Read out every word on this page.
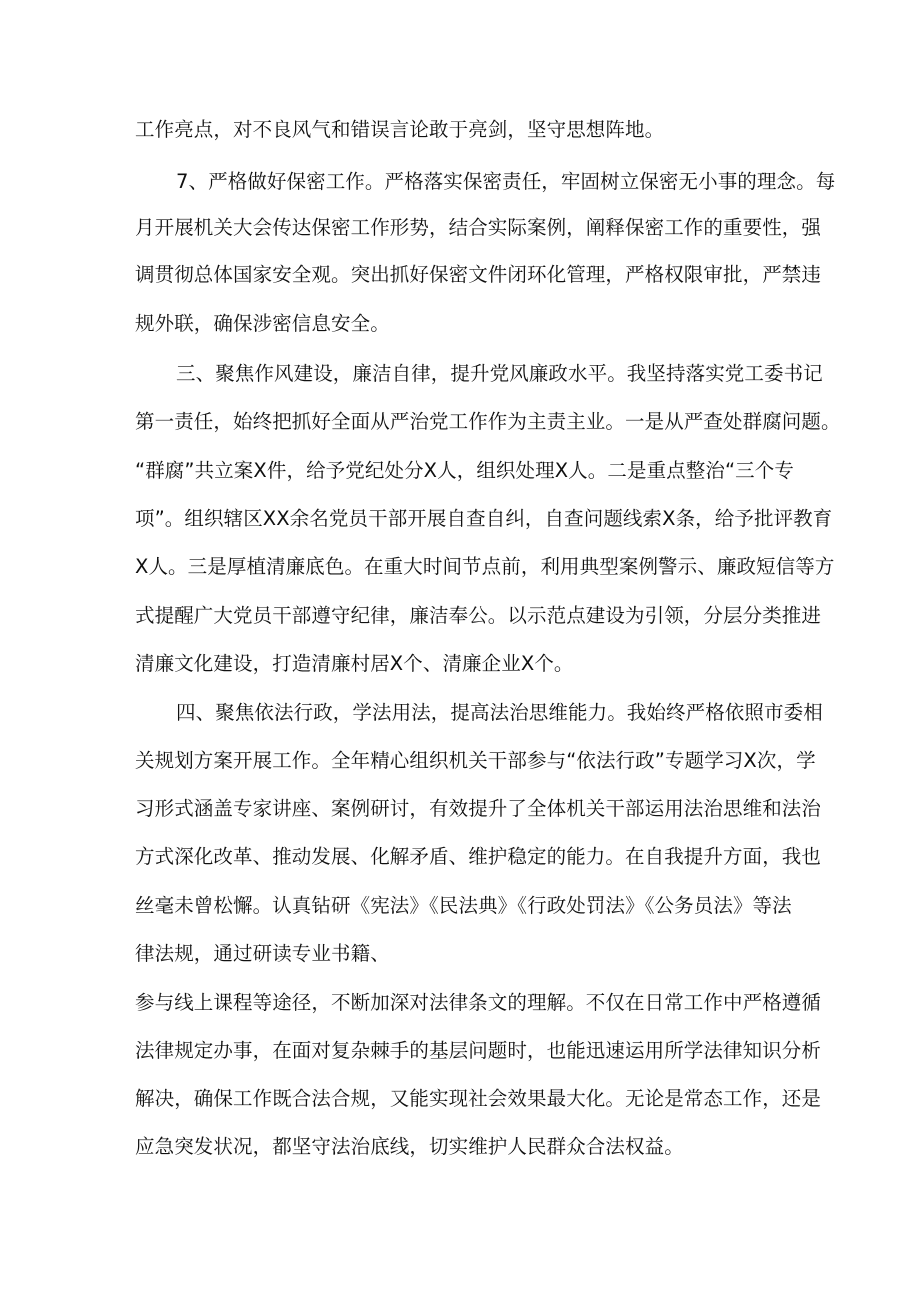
工作亮点，对不良风气和错误言论敢于亮剑，坚守思想阵地。
7、严格做好保密工作。严格落实保密责任，牢固树立保密无小事的理念。每
月开展机关大会传达保密工作形势，结合实际案例，阐释保密工作的重要性，强
调贯彻总体国家安全观。突出抓好保密文件闭环化管理，严格权限审批，严禁违
规外联，确保涉密信息安全。
三、聚焦作风建设，廉洁自律，提升党风廉政水平。我坚持落实党工委书记
第一责任，始终把抓好全面从严治党工作作为主责主业。一是从严查处群腐问题。
“群腐”共立案X件，给予党纪处分X人，组织处理X人。二是重点整治“三个专
项”。组织辖区XX余名党员干部开展自查自纠，自查问题线索X条，给予批评教育
X人。三是厚植清廉底色。在重大时间节点前，利用典型案例警示、廉政短信等方
式提醒广大党员干部遵守纪律，廉洁奉公。以示范点建设为引领，分层分类推进
清廉文化建设，打造清廉村居X个、清廉企业X个。
四、聚焦依法行政，学法用法，提高法治思维能力。我始终严格依照市委相
关规划方案开展工作。全年精心组织机关干部参与“依法行政”专题学习X次，学
习形式涵盖专家讲座、案例研讨，有效提升了全体机关干部运用法治思维和法治
方式深化改革、推动发展、化解矛盾、维护稳定的能力。在自我提升方面，我也
丝毫未曾松懈。认真钻研《宪法》《民法典》《行政处罚法》《公务员法》等法
律法规，通过研读专业书籍、
参与线上课程等途径，不断加深对法律条文的理解。不仅在日常工作中严格遵循
法律规定办事，在面对复杂棘手的基层问题时，也能迅速运用所学法律知识分析
解决，确保工作既合法合规，又能实现社会效果最大化。无论是常态工作，还是
应急突发状况，都坚守法治底线，切实维护人民群众合法权益。
